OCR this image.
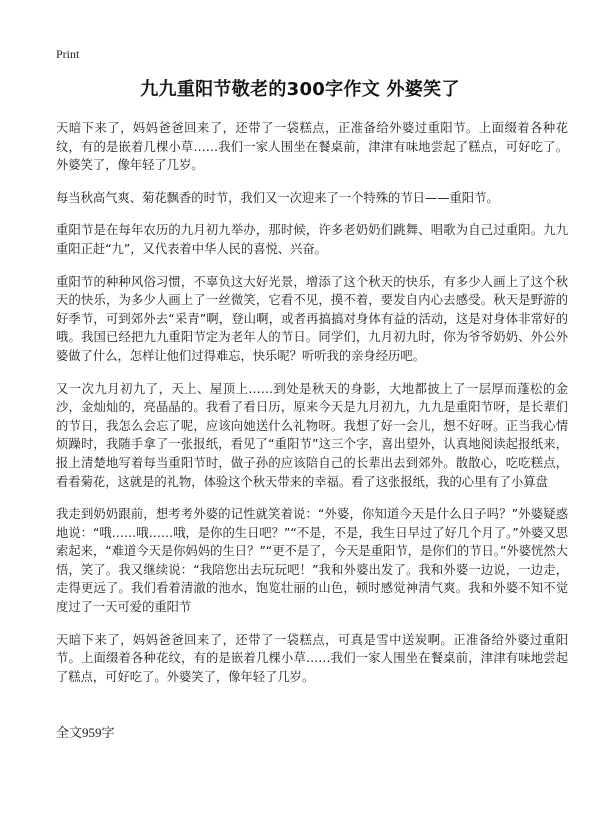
Print
九九重阳节敬老的300字作文 外婆笑了

天暗下来了，妈妈爸爸回来了，还带了一袋糕点，正准备给外婆过重阳节。上面缀着各种花纹，有的是嵌着几棵小草……我们一家人围坐在餐桌前，津津有味地尝起了糕点，可好吃了。外婆笑了，像年轻了几岁。

每当秋高气爽、菊花飘香的时节，我们又一次迎来了一个特殊的节日——重阳节。

重阳节是在每年农历的九月初九举办，那时候，许多老奶奶们跳舞、唱歌为自己过重阳。九九重阳正赶“九”，又代表着中华人民的喜悦、兴奋。

重阳节的种种风俗习惯，不辜负这大好光景，增添了这个秋天的快乐，有多少人画上了这个秋天的快乐，为多少人画上了一丝微笑，它看不见，摸不着，要发自内心去感受。秋天是野游的好季节，可到郊外去“采青”啊，登山啊，或者再搞搞对身体有益的活动，这是对身体非常好的哦。我国已经把九九重阳节定为老年人的节日。同学们，九月初九时，你为爷爷奶奶、外公外婆做了什么，怎样让他们过得难忘，快乐呢？听听我的亲身经历吧。

又一次九月初九了，天上、屋顶上……到处是秋天的身影，大地都披上了一层厚而蓬松的金沙，金灿灿的，亮晶晶的。我看了看日历，原来今天是九月初九，九九是重阳节呀，是长辈们的节日，我怎么会忘了呢，应该向她送什么礼物呀。我想了好一会儿，想不好呀。正当我心情烦躁时，我随手拿了一张报纸，看见了“重阳节”这三个字，喜出望外，认真地阅读起报纸来，报上清楚地写着每当重阳节时，做子孙的应该陪自己的长辈出去到郊外。散散心，吃吃糕点，看看菊花，这就是的礼物，体验这个秋天带来的幸福。看了这张报纸，我的心里有了小算盘

我走到奶奶跟前，想考考外婆的记性就笑着说：“外婆，你知道今天是什么日子吗？”外婆疑惑地说：“哦……哦……哦，是你的生日吧？”“不是，不是，我生日早过了好几个月了。”外婆又思索起来，“难道今天是你妈妈的生日？”“更不是了，今天是重阳节，是你们的节日。”外婆恍然大悟，笑了。我又继续说：“我陪您出去玩玩吧！”我和外婆出发了。我和外婆一边说，一边走，走得更远了。我们看着清澈的池水，饱览壮丽的山色，顿时感觉神清气爽。我和外婆不知不觉度过了一天可爱的重阳节

天暗下来了，妈妈爸爸回来了，还带了一袋糕点，可真是雪中送炭啊。正准备给外婆过重阳节。上面缀着各种花纹，有的是嵌着几棵小草……我们一家人围坐在餐桌前，津津有味地尝起了糕点，可好吃了。外婆笑了，像年轻了几岁。

全文959字
